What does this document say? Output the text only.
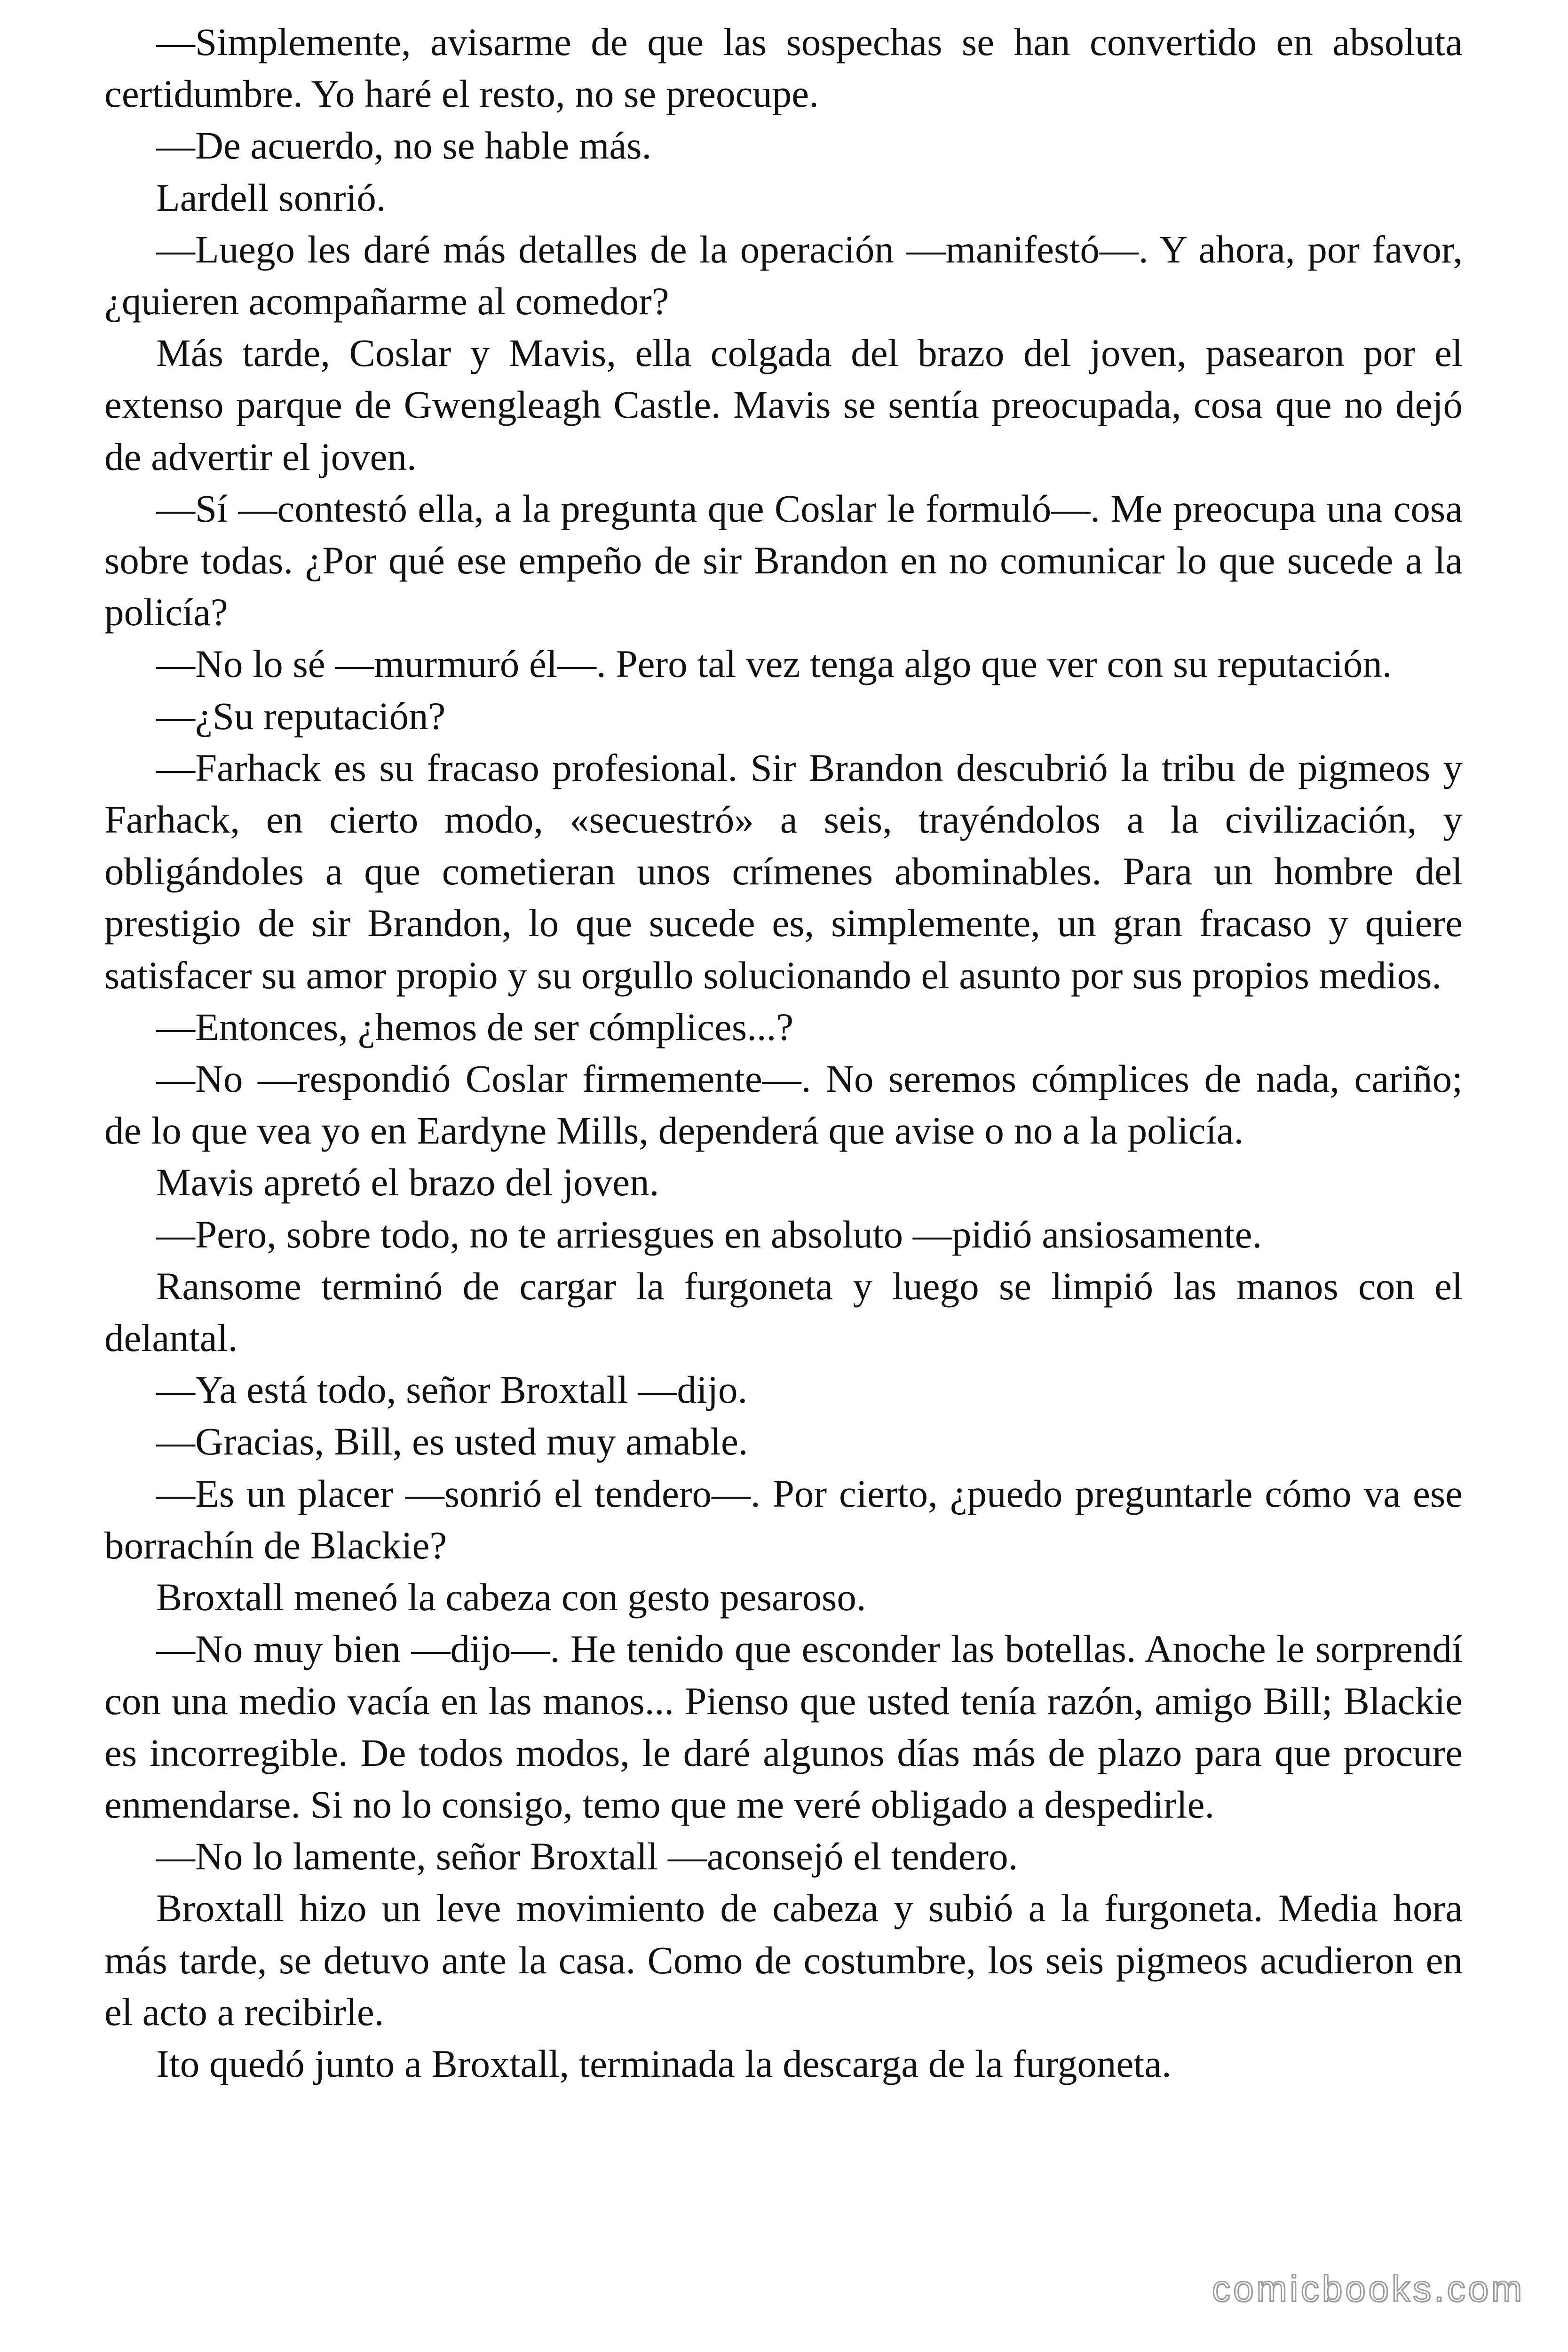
—Simplemente, avisarme de que las sospechas se han convertido en absoluta certidumbre. Yo haré el resto, no se preocupe.

—De acuerdo, no se hable más.

Lardell sonrió.

—Luego les daré más detalles de la operación —manifestó—. Y ahora, por favor, ¿quieren acompañarme al comedor?

Más tarde, Coslar y Mavis, ella colgada del brazo del joven, pasearon por el extenso parque de Gwengleagh Castle. Mavis se sentía preocupada, cosa que no dejó de advertir el joven.

—Sí —contestó ella, a la pregunta que Coslar le formuló—. Me preocupa una cosa sobre todas. ¿Por qué ese empeño de sir Brandon en no comunicar lo que sucede a la policía?

—No lo sé —murmuró él—. Pero tal vez tenga algo que ver con su reputación.

—¿Su reputación?

—Farhack es su fracaso profesional. Sir Brandon descubrió la tribu de pigmeos y Farhack, en cierto modo, «secuestró» a seis, trayéndolos a la civilización, y obligándoles a que cometieran unos crímenes abominables. Para un hombre del prestigio de sir Brandon, lo que sucede es, simplemente, un gran fracaso y quiere satisfacer su amor propio y su orgullo solucionando el asunto por sus propios medios.

—Entonces, ¿hemos de ser cómplices...?

—No —respondió Coslar firmemente—. No seremos cómplices de nada, cariño; de lo que vea yo en Eardyne Mills, dependerá que avise o no a la policía.

Mavis apretó el brazo del joven.

—Pero, sobre todo, no te arriesgues en absoluto —pidió ansiosamente.

Ransome terminó de cargar la furgoneta y luego se limpió las manos con el delantal.

—Ya está todo, señor Broxtall —dijo.

—Gracias, Bill, es usted muy amable.

—Es un placer —sonrió el tendero—. Por cierto, ¿puedo preguntarle cómo va ese borrachín de Blackie?

Broxtall meneó la cabeza con gesto pesaroso.

—No muy bien —dijo—. He tenido que esconder las botellas. Anoche le sorprendí con una medio vacía en las manos... Pienso que usted tenía razón, amigo Bill; Blackie es incorregible. De todos modos, le daré algunos días más de plazo para que procure enmendarse. Si no lo consigo, temo que me veré obligado a despedirle.

—No lo lamente, señor Broxtall —aconsejó el tendero.

Broxtall hizo un leve movimiento de cabeza y subió a la furgoneta. Media hora más tarde, se detuvo ante la casa. Como de costumbre, los seis pigmeos acudieron en el acto a recibirle.

Ito quedó junto a Broxtall, terminada la descarga de la furgoneta.

comicbooks.com
